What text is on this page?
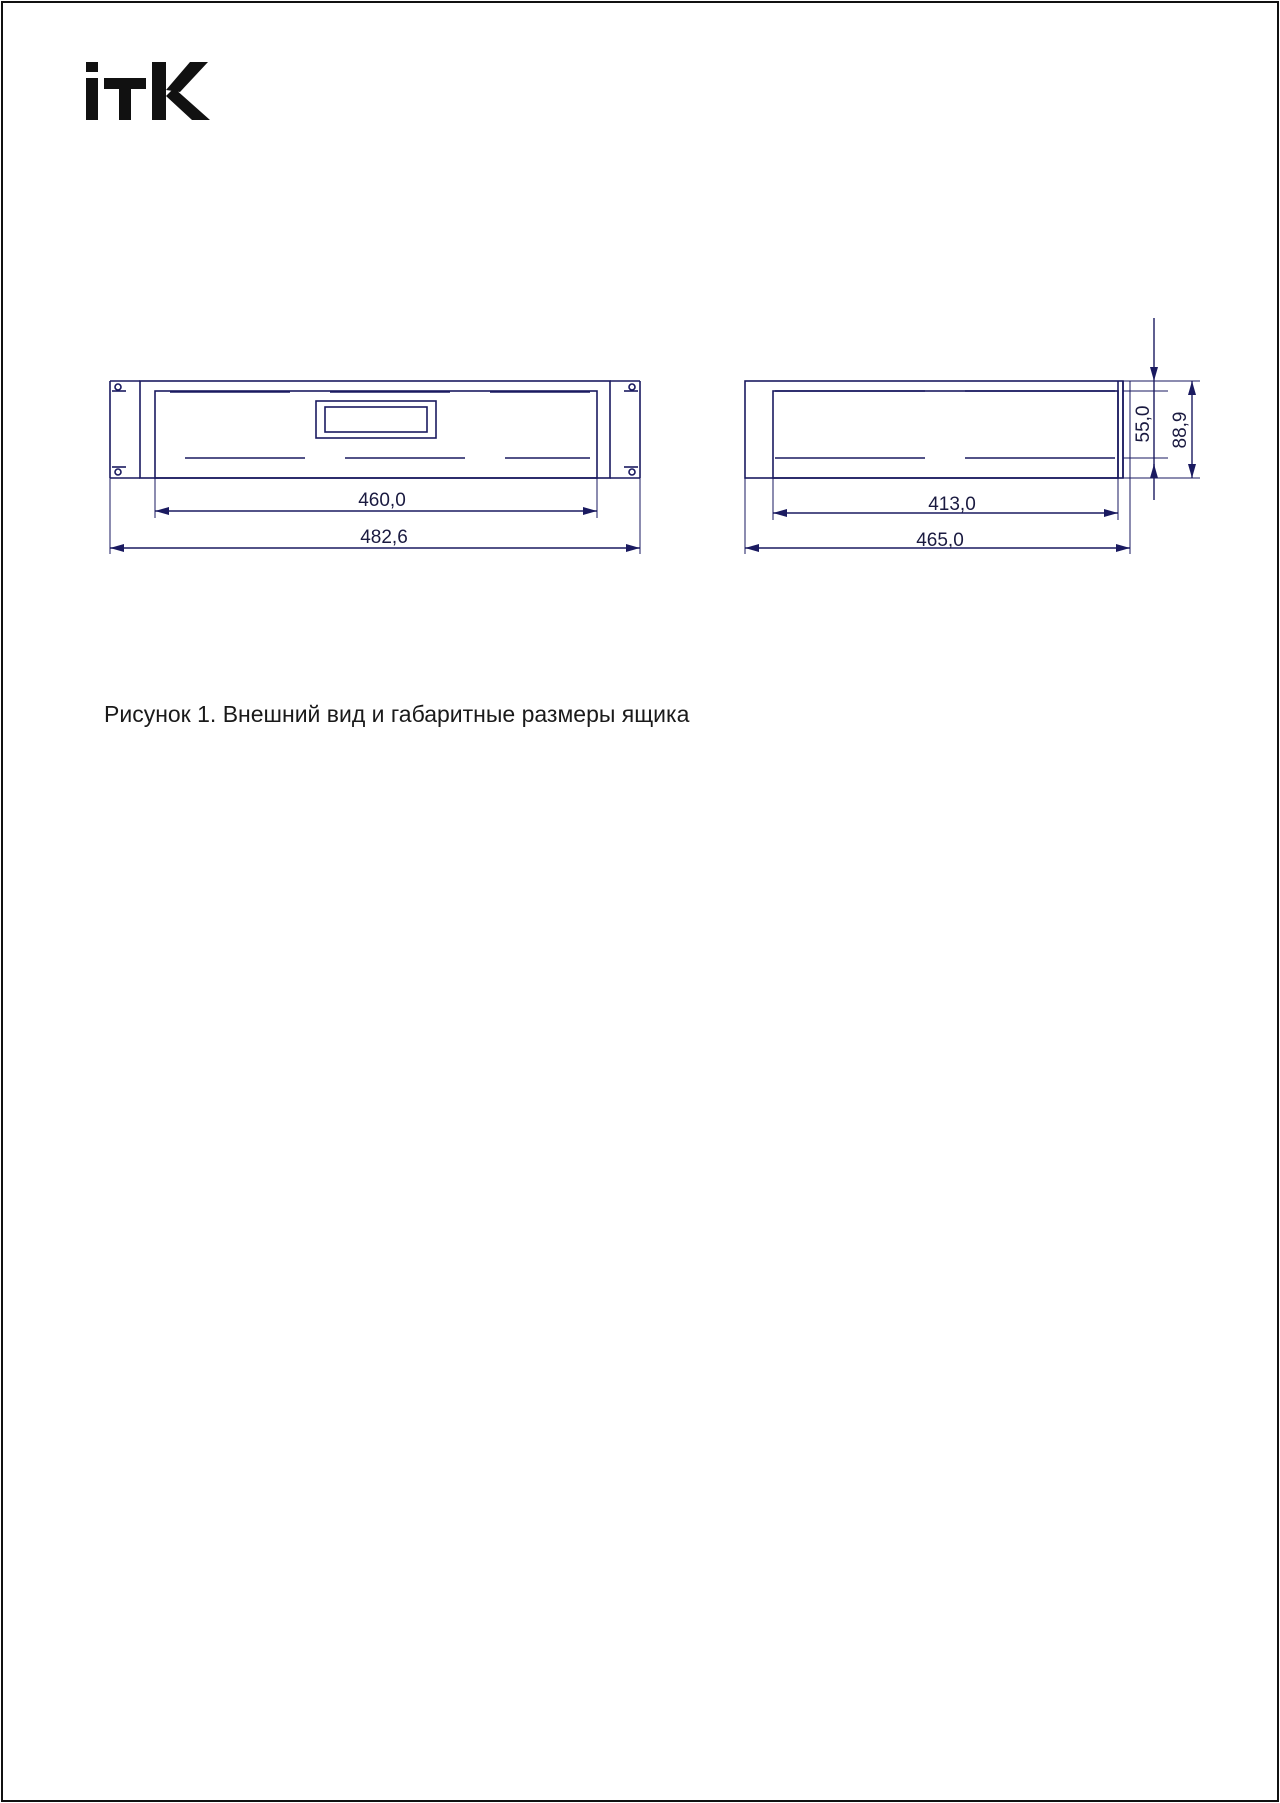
460,0
482,6
413,0
465,0
55,0 88,9
Рисунок 1. Внешний вид и габаритные размеры ящика
